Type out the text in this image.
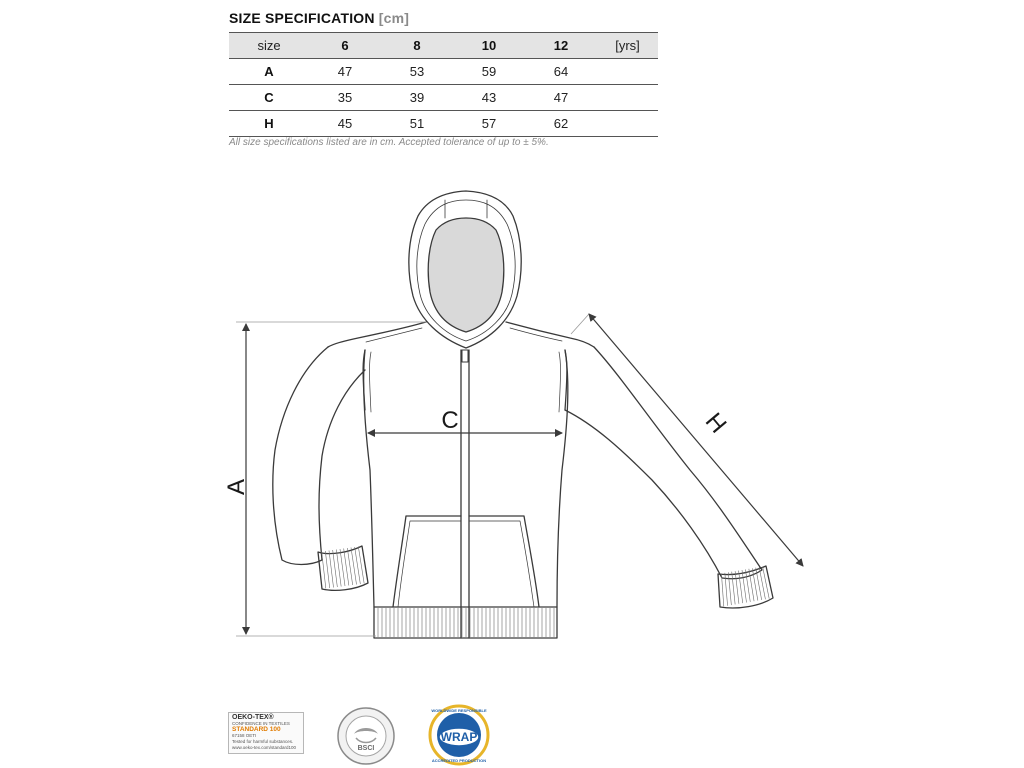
SIZE SPECIFICATION [cm]
size	6	8	10	12	[yrs]
A	47	53	59	64	
C	35	39	43	47	
H	45	51	57	62	
All size specifications listed are in cm. Accepted tolerance of up to ± 5%.
A
C	H
OEKO-TEX®
CONFIDENCE IN TEXTILES
STANDARD 100
67158 OETI
Tested for harmful substances.
www.oeko-tex.com/standard100	BSCI
WRAP
WORLDWIDE RESPONSIBLE
ACCREDITED PRODUCTION
